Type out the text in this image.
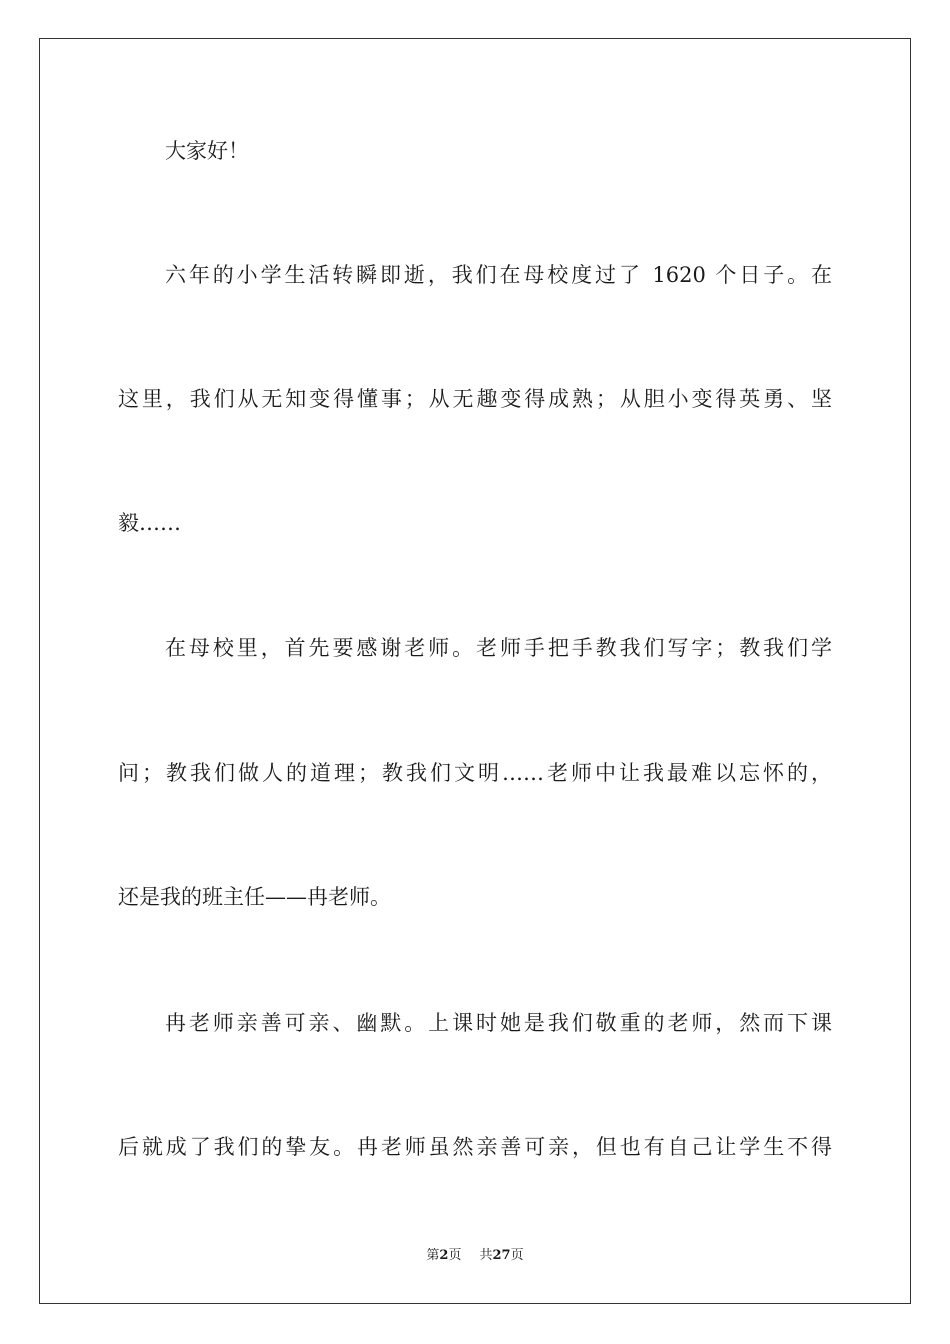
大家好！
六年的小学生活转瞬即逝，我们在母校度过了 1620 个日子。在
这里，我们从无知变得懂事；从无趣变得成熟；从胆小变得英勇、坚
毅……
在母校里，首先要感谢老师。老师手把手教我们写字；教我们学
问；教我们做人的道理；教我们文明……老师中让我最难以忘怀的，
还是我的班主任——冉老师。
冉老师亲善可亲、幽默。上课时她是我们敬重的老师，然而下课
后就成了我们的挚友。冉老师虽然亲善可亲，但也有自己让学生不得
第2页 共27页
